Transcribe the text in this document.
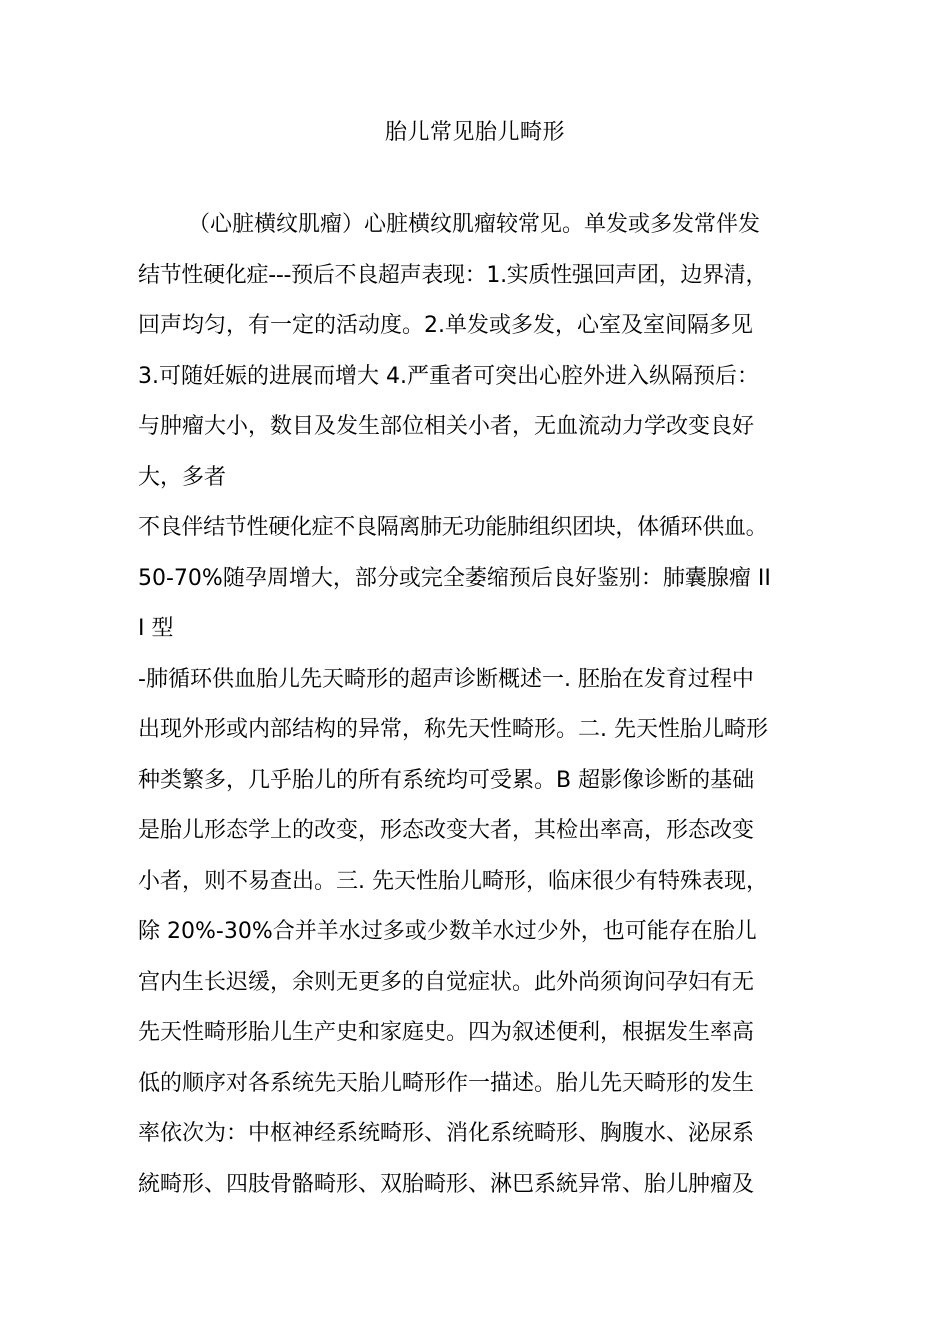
胎儿常见胎儿畸形
（心脏横纹肌瘤）心脏横纹肌瘤较常见。单发或多发常伴发
结节性硬化症---预后不良超声表现：1.实质性强回声团，边界清，
回声均匀，有一定的活动度。2.单发或多发，心室及室间隔多见
3.可随妊娠的进展而增大 4.严重者可突出心腔外进入纵隔预后：
与肿瘤大小，数目及发生部位相关小者，无血流动力学改变良好
大，多者
不良伴结节性硬化症不良隔离肺无功能肺组织团块，体循环供血。
50-70%随孕周增大，部分或完全萎缩预后良好鉴别：肺囊腺瘤 II
I 型
-肺循环供血胎儿先天畸形的超声诊断概述一. 胚胎在发育过程中
出现外形或内部结构的异常，称先天性畸形。二. 先天性胎儿畸形
种类繁多，几乎胎儿的所有系统均可受累。B 超影像诊断的基础
是胎儿形态学上的改变，形态改变大者，其检出率高，形态改变
小者，则不易查出。三. 先天性胎儿畸形，临床很少有特殊表现，
除 20%-30%合并羊水过多或少数羊水过少外，也可能存在胎儿
宫内生长迟缓，余则无更多的自觉症状。此外尚须询问孕妇有无
先天性畸形胎儿生产史和家庭史。四为叙述便利，根据发生率高
低的顺序对各系统先天胎儿畸形作一描述。胎儿先天畸形的发生
率依次为：中枢神经系统畸形、消化系统畸形、胸腹水、泌尿系
統畸形、四肢骨骼畸形、双胎畸形、淋巴系統异常、胎儿肿瘤及
